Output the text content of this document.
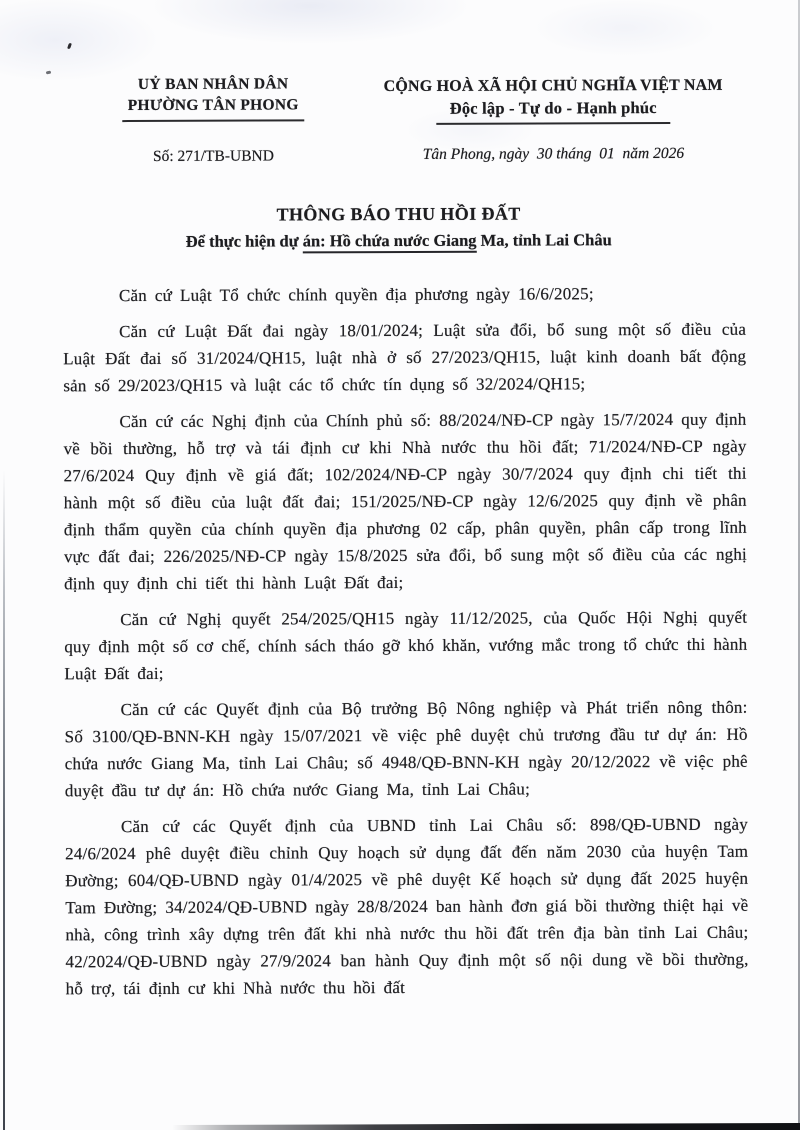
UỶ BAN NHÂN DÂN
PHƯỜNG TÂN PHONG
CỘNG HOÀ XÃ HỘI CHỦ NGHĨA VIỆT NAM
Độc lập - Tự do - Hạnh phúc
Số: 271/TB-UBND	Tân Phong, ngày  30 tháng  01  năm 2026
THÔNG BÁO THU HỒI ĐẤT
Để thực hiện dự án: Hồ chứa nước Giang Ma, tỉnh Lai Châu

Căn cứ Luật Tổ chức chính quyền địa phương ngày 16/6/2025;

Căn cứ Luật Đất đai ngày 18/01/2024; Luật sửa đổi, bổ sung một số điều của Luật Đất đai số 31/2024/QH15, luật nhà ở số 27/2023/QH15, luật kinh doanh bất động sản số 29/2023/QH15 và luật các tổ chức tín dụng số 32/2024/QH15;

Căn cứ các Nghị định của Chính phủ số: 88/2024/NĐ-CP ngày 15/7/2024 quy định về bồi thường, hỗ trợ và tái định cư khi Nhà nước thu hồi đất; 71/2024/NĐ-CP ngày 27/6/2024 Quy định về giá đất; 102/2024/NĐ-CP ngày 30/7/2024 quy định chi tiết thi hành một số điều của luật đất đai; 151/2025/NĐ-CP ngày 12/6/2025 quy định về phân định thẩm quyền của chính quyền địa phương 02 cấp, phân quyền, phân cấp trong lĩnh vực đất đai; 226/2025/NĐ-CP ngày 15/8/2025 sửa đổi, bổ sung một số điều của các nghị định quy định chi tiết thi hành Luật Đất đai;

Căn cứ Nghị quyết 254/2025/QH15 ngày 11/12/2025, của Quốc Hội Nghị quyết quy định một số cơ chế, chính sách tháo gỡ khó khăn, vướng mắc trong tổ chức thi hành Luật Đất đai;

Căn cứ các Quyết định của Bộ trưởng Bộ Nông nghiệp và Phát triển nông thôn: Số 3100/QĐ-BNN-KH ngày 15/07/2021 về việc phê duyệt chủ trương đầu tư dự án: Hồ chứa nước Giang Ma, tỉnh Lai Châu; số 4948/QĐ-BNN-KH ngày 20/12/2022 về việc phê duyệt đầu tư dự án: Hồ chứa nước Giang Ma, tỉnh Lai Châu;

Căn cứ các Quyết định của UBND tỉnh Lai Châu số: 898/QĐ-UBND ngày 24/6/2024 phê duyệt điều chỉnh Quy hoạch sử dụng đất đến năm 2030 của huyện Tam Đường; 604/QĐ-UBND ngày 01/4/2025 về phê duyệt Kế hoạch sử dụng đất 2025 huyện Tam Đường; 34/2024/QĐ-UBND ngày 28/8/2024 ban hành đơn giá bồi thường thiệt hại về nhà, công trình xây dựng trên đất khi nhà nước thu hồi đất trên địa bàn tỉnh Lai Châu; 42/2024/QĐ-UBND ngày 27/9/2024 ban hành Quy định một số nội dung về bồi thường, hỗ trợ, tái định cư khi Nhà nước thu hồi đất
